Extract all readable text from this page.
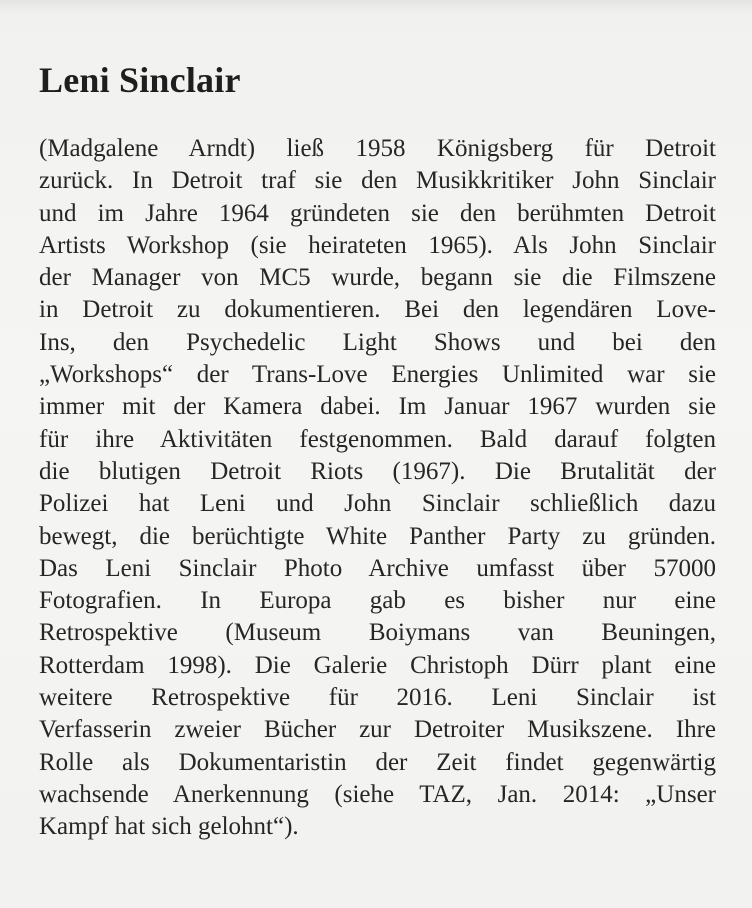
Leni Sinclair
(Madgalene Arndt) ließ 1958 Königsberg für Detroit
zurück. In Detroit traf sie den Musikkritiker John Sinclair
und im Jahre 1964 gründeten sie den berühmten Detroit
Artists Workshop (sie heirateten 1965). Als John Sinclair
der Manager von MC5 wurde, begann sie die Filmszene
in Detroit zu dokumentieren. Bei den legendären Love-
Ins, den Psychedelic Light Shows und bei den
„Workshops“ der Trans-Love Energies Unlimited war sie
immer mit der Kamera dabei. Im Januar 1967 wurden sie
für ihre Aktivitäten festgenommen. Bald darauf folgten
die blutigen Detroit Riots (1967). Die Brutalität der
Polizei hat Leni und John Sinclair schließlich dazu
bewegt, die berüchtigte White Panther Party zu gründen.
Das Leni Sinclair Photo Archive umfasst über 57000
Fotografien. In Europa gab es bisher nur eine
Retrospektive (Museum Boiymans van Beuningen,
Rotterdam 1998). Die Galerie Christoph Dürr plant eine
weitere Retrospektive für 2016. Leni Sinclair ist
Verfasserin zweier Bücher zur Detroiter Musikszene. Ihre
Rolle als Dokumentaristin der Zeit findet gegenwärtig
wachsende Anerkennung (siehe TAZ, Jan. 2014: „Unser
Kampf hat sich gelohnt“).
